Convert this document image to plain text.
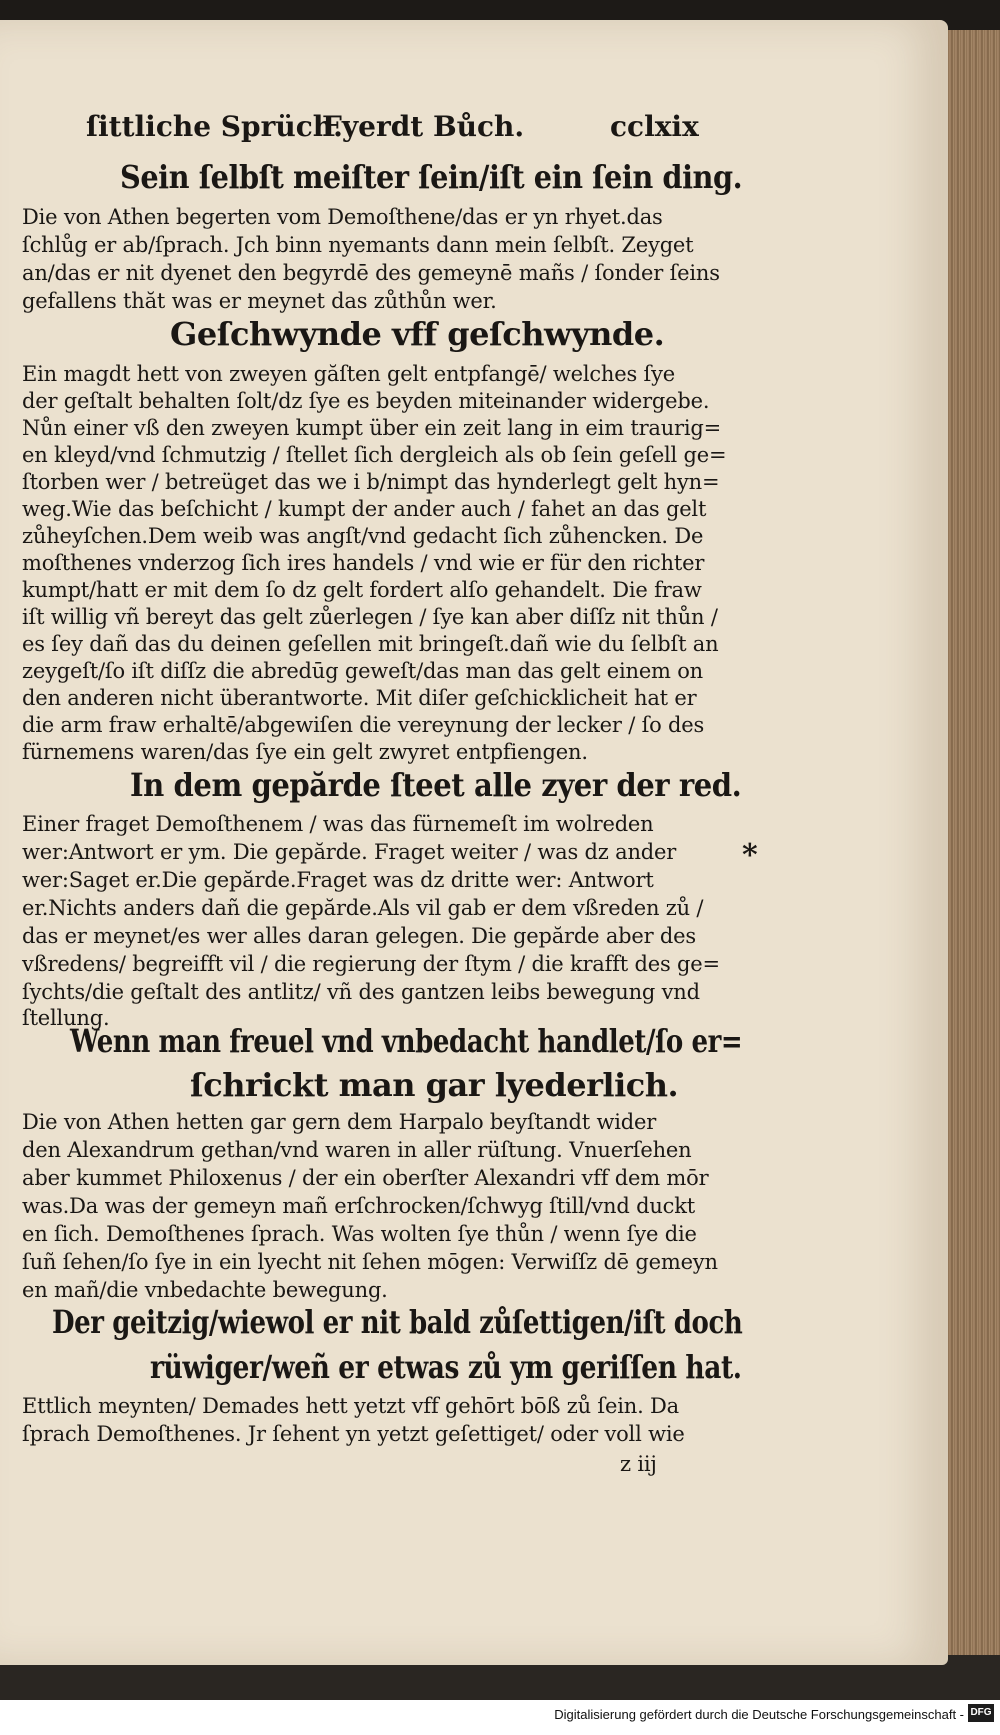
ſittliche Sprüch.
Fyerdt Bůch.	cclxix
Sein ſelbſt meiſter ſein/iſt ein ſein ding.
Die von Athen begerten vom Demoſthene/das er yn rhyet.das
ſchlůg er ab/ſprach. Jch binn nyemants dann mein ſelbſt. Zeyget
an/das er nit dyenet den begyrdē des gemeynē mañs / ſonder ſeins
gefallens thăt was er meynet das zůthůn wer.
Geſchwynde vff geſchwynde.
Ein magdt hett von zweyen găſten gelt entpfangē/ welches ſye
der geſtalt behalten ſolt/dz ſye es beyden miteinander widergebe.
Nůn einer vß den zweyen kumpt über ein zeit lang in eim traurig=
en kleyd/vnd ſchmutzig / ſtellet ſich dergleich als ob ſein geſell ge=
ſtorben wer / betreüget das we i b/nimpt das hynderlegt gelt hyn=
weg.Wie das beſchicht / kumpt der ander auch / fahet an das gelt
zůheyſchen.Dem weib was angſt/vnd gedacht ſich zůhencken. De
moſthenes vnderzog ſich ires handels / vnd wie er für den richter
kumpt/hatt er mit dem ſo dz gelt fordert alſo gehandelt. Die fraw
iſt willig vñ bereyt das gelt zůerlegen / ſye kan aber diſſz nit thůn /
es ſey dañ das du deinen geſellen mit bringeſt.dañ wie du ſelbſt an
zeygeſt/ſo iſt diſſz die abredūg geweſt/das man das gelt einem on
den anderen nicht überantworte. Mit diſer geſchicklicheit hat er
die arm fraw erhaltē/abgewiſen die vereynung der lecker / ſo des
fürnemens waren/das ſye ein gelt zwyret entpfiengen.
In dem gepărde ſteet alle zyer der red.
Einer fraget Demoſthenem / was das fürnemeſt im wolreden
wer:Antwort er ym. Die gepărde. Fraget weiter / was dz ander
wer:Saget er.Die gepărde.Fraget was dz dritte wer: Antwort
er.Nichts anders dañ die gepărde.Als vil gab er dem vßreden zů /
das er meynet/es wer alles daran gelegen. Die gepărde aber des
vßredens/ begreifft vil / die regierung der ſtym / die krafft des ge=
ſychts/die geſtalt des antlitz/ vñ des gantzen leibs bewegung vnd
ſtellung.
*
Wenn man freuel vnd vnbedacht handlet/ſo er=
ſchrickt man gar lyederlich.
Die von Athen hetten gar gern dem Harpalo beyſtandt wider
den Alexandrum gethan/vnd waren in aller rüſtung. Vnuerſehen
aber kummet Philoxenus / der ein oberſter Alexandri vff dem mōr
was.Da was der gemeyn mañ erſchrocken/ſchwyg ſtill/vnd duckt
en ſich. Demoſthenes ſprach. Was wolten ſye thůn / wenn ſye die
ſuñ ſehen/ſo ſye in ein lyecht nit ſehen mōgen: Verwiſſz dē gemeyn
en mañ/die vnbedachte bewegung.
Der geitzig/wiewol er nit bald zůſettigen/iſt doch
rüwiger/weñ er etwas zů ym geriſſen hat.
Ettlich meynten/ Demades hett yetzt vff gehōrt bōß zů ſein. Da
ſprach Demoſthenes. Jr ſehent yn yetzt geſettiget/ oder voll wie
z iij
Digitalisierung gefördert durch die Deutsche Forschungsgemeinschaft - DFG
